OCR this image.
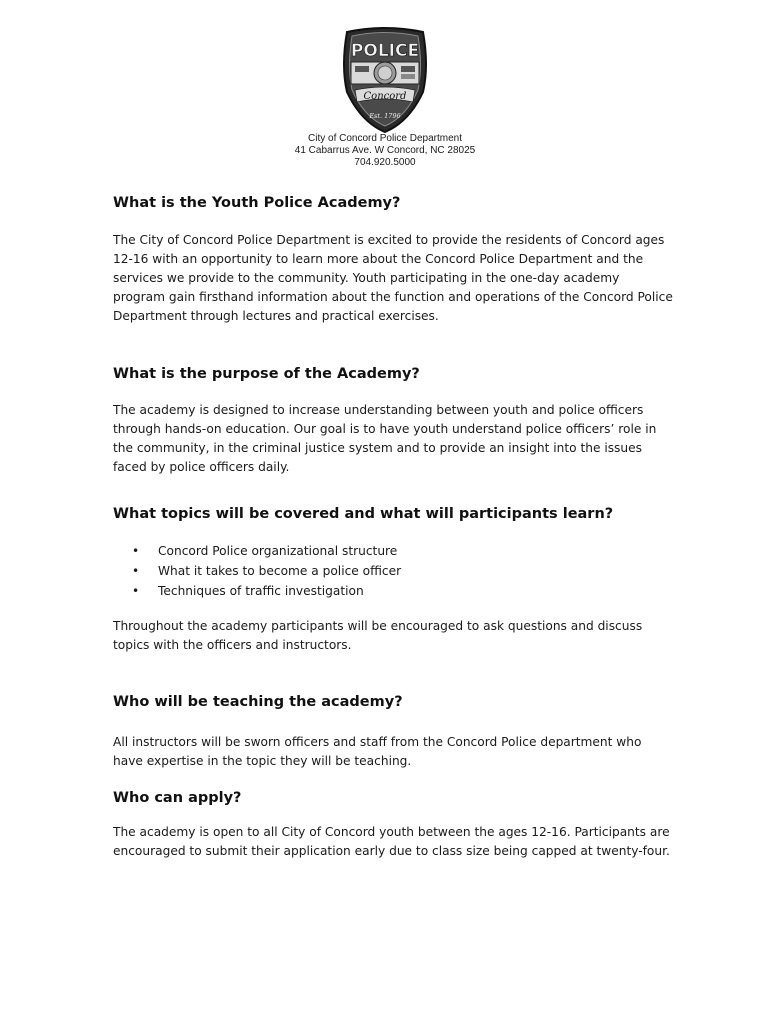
POLICE
Concord
Est. 1796
City of Concord Police Department
41 Cabarrus Ave. W Concord, NC 28025
704.920.5000
What is the Youth Police Academy?

The City of Concord Police Department is excited to provide the residents of Concord ages 12-16 with an opportunity to learn more about the Concord Police Department and the services we provide to the community. Youth participating in the one-day academy program gain firsthand information about the function and operations of the Concord Police Department through lectures and practical exercises.

What is the purpose of the Academy?

The academy is designed to increase understanding between youth and police officers through hands-on education. Our goal is to have youth understand police officers’ role in the community, in the criminal justice system and to provide an insight into the issues faced by police officers daily.

What topics will be covered and what will participants learn?
• Concord Police organizational structure
• What it takes to become a police officer
• Techniques of traffic investigation

Throughout the academy participants will be encouraged to ask questions and discuss topics with the officers and instructors.

Who will be teaching the academy?

All instructors will be sworn officers and staff from the Concord Police department who have expertise in the topic they will be teaching.

Who can apply?

The academy is open to all City of Concord youth between the ages 12-16. Participants are encouraged to submit their application early due to class size being capped at twenty-four.
